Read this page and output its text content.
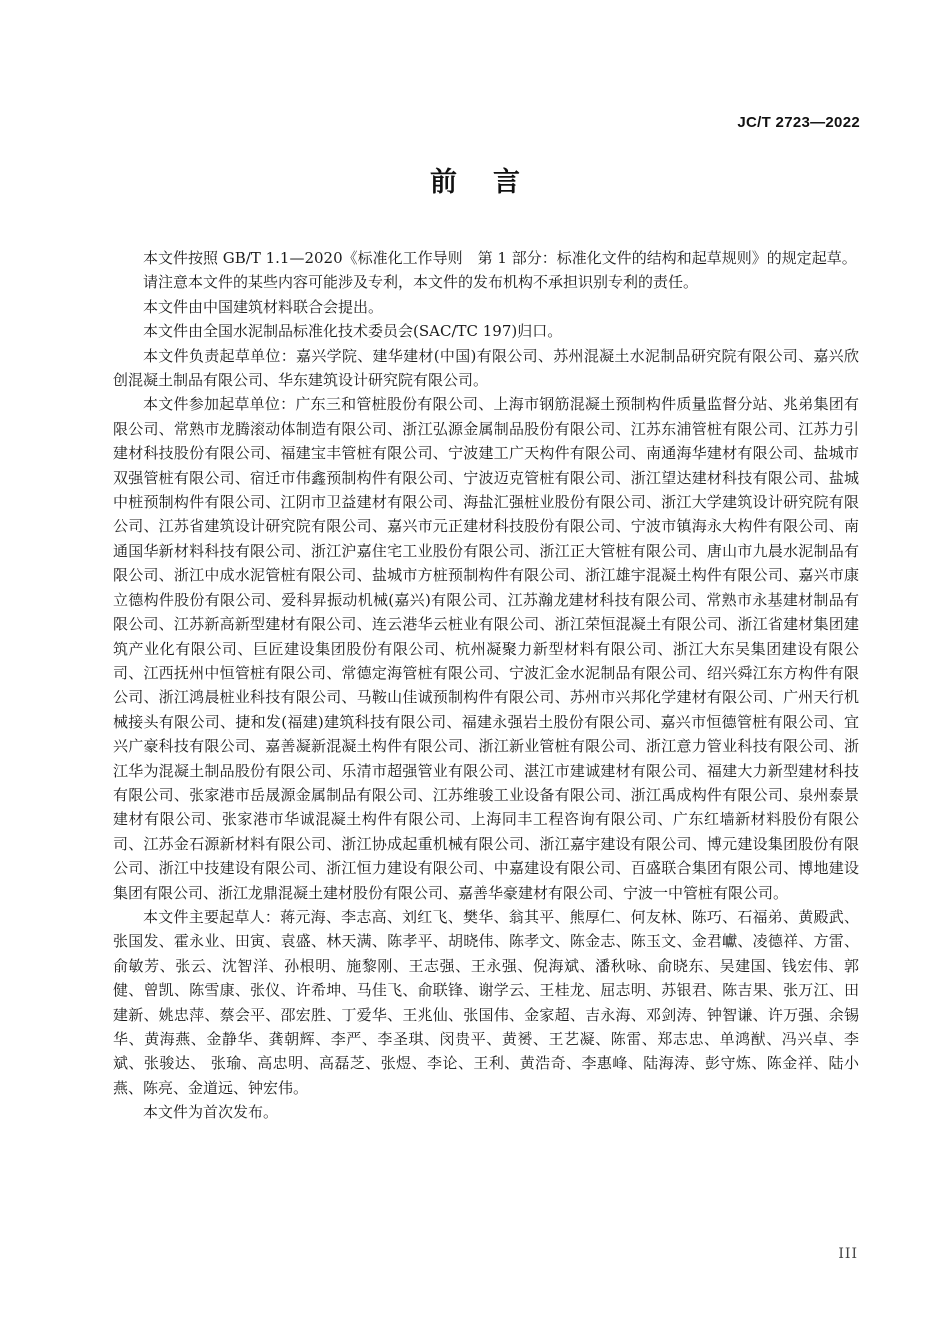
JC/T 2723—2022
前言

本文件按照 GB/T 1.1—2020《标准化工作导则　第 1 部分：标准化文件的结构和起草规则》的规定起草。

请注意本文件的某些内容可能涉及专利，本文件的发布机构不承担识别专利的责任。

本文件由中国建筑材料联合会提出。

本文件由全国水泥制品标准化技术委员会(SAC/TC 197)归口。

本文件负责起草单位：嘉兴学院、建华建材(中国)有限公司、苏州混凝土水泥制品研究院有限公司、嘉兴欣创混凝土制品有限公司、华东建筑设计研究院有限公司。

本文件参加起草单位：广东三和管桩股份有限公司、上海市钢筋混凝土预制构件质量监督分站、兆弟集团有限公司、常熟市龙腾滚动体制造有限公司、浙江弘源金属制品股份有限公司、江苏东浦管桩有限公司、江苏力引建材科技股份有限公司、福建宝丰管桩有限公司、宁波建工广天构件有限公司、南通海华建材有限公司、盐城市双强管桩有限公司、宿迁市伟鑫预制构件有限公司、宁波迈克管桩有限公司、浙江望达建材科技有限公司、盐城中桩预制构件有限公司、江阴市卫益建材有限公司、海盐汇强桩业股份有限公司、浙江大学建筑设计研究院有限公司、江苏省建筑设计研究院有限公司、嘉兴市元正建材科技股份有限公司、宁波市镇海永大构件有限公司、南通国华新材料科技有限公司、浙江沪嘉住宅工业股份有限公司、浙江正大管桩有限公司、唐山市九晨水泥制品有限公司、浙江中成水泥管桩有限公司、盐城市方桩预制构件有限公司、浙江雄宇混凝土构件有限公司、嘉兴市康立德构件股份有限公司、爱科昇振动机械(嘉兴)有限公司、江苏瀚龙建材科技有限公司、常熟市永基建材制品有限公司、江苏新高新型建材有限公司、连云港华云桩业有限公司、浙江荣恒混凝土有限公司、浙江省建材集团建筑产业化有限公司、巨匠建设集团股份有限公司、杭州凝聚力新型材料有限公司、浙江大东吴集团建设有限公司、江西抚州中恒管桩有限公司、常德定海管桩有限公司、宁波汇金水泥制品有限公司、绍兴舜江东方构件有限公司、浙江鸿晨桩业科技有限公司、马鞍山佳诚预制构件有限公司、苏州市兴邦化学建材有限公司、广州天行机械接头有限公司、捷和发(福建)建筑科技有限公司、福建永强岩土股份有限公司、嘉兴市恒德管桩有限公司、宜兴广豪科技有限公司、嘉善凝新混凝土构件有限公司、浙江新业管桩有限公司、浙江意力管业科技有限公司、浙江华为混凝土制品股份有限公司、乐清市超强管业有限公司、湛江市建诚建材有限公司、福建大力新型建材科技有限公司、张家港市岳晟源金属制品有限公司、江苏维骏工业设备有限公司、浙江禹成构件有限公司、泉州泰景建材有限公司、张家港市华诚混凝土构件有限公司、上海同丰工程咨询有限公司、广东红墙新材料股份有限公司、江苏金石源新材料有限公司、浙江协成起重机械有限公司、浙江嘉宇建设有限公司、博元建设集团股份有限公司、浙江中技建设有限公司、浙江恒力建设有限公司、中嘉建设有限公司、百盛联合集团有限公司、博地建设集团有限公司、浙江龙鼎混凝土建材股份有限公司、嘉善华豪建材有限公司、宁波一中管桩有限公司。

本文件主要起草人：蒋元海、李志高、刘红飞、樊华、翁其平、熊厚仁、何友林、陈巧、石福弟、黄殿武、张国发、霍永业、田寅、袁盛、林天满、陈孝平、胡晓伟、陈孝文、陈金志、陈玉文、金君巘、凌德祥、方雷、俞敏芳、张云、沈智洋、孙根明、施黎刚、王志强、王永强、倪海斌、潘秋咏、俞晓东、吴建国、钱宏伟、郭健、曾凯、陈雪康、张仪、许希坤、马佳飞、俞联锋、谢学云、王桂龙、屈志明、苏银君、陈吉果、张万江、田建新、姚忠萍、蔡会平、邵宏胜、丁爱华、王兆仙、张国伟、金家超、吉永海、邓剑涛、钟智谦、许万强、余锡华、黄海燕、金静华、龚朝辉、李严、李圣琪、闵贵平、黄赟、王艺凝、陈雷、郑志忠、单鸿猷、冯兴卓、李斌、张骏达、 张瑜、高忠明、高磊芝、张煜、李论、王利、黄浩奇、李惠峰、陆海涛、彭守炼、陈金祥、陆小燕、陈亮、金道远、钟宏伟。

本文件为首次发布。

III
